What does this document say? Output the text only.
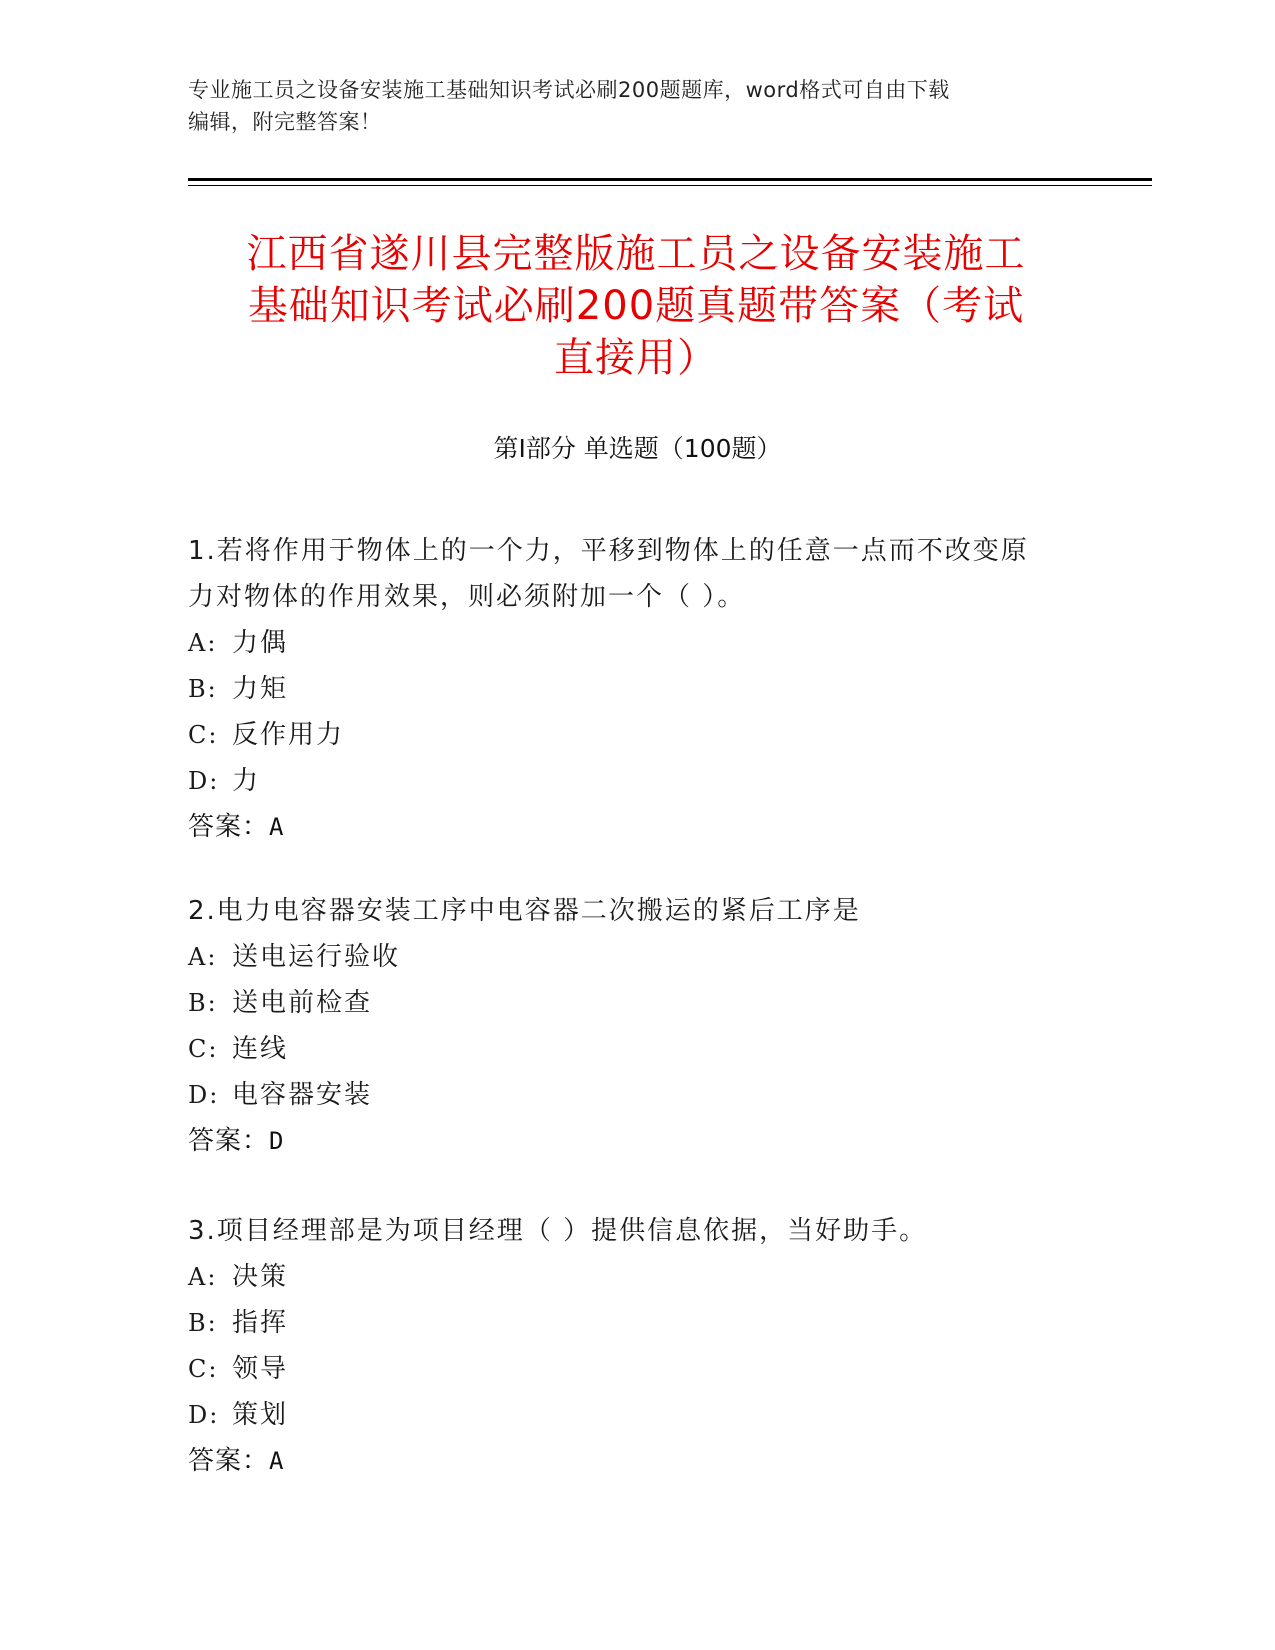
专业施工员之设备安装施工基础知识考试必刷200题题库，word格式可自由下载
编辑，附完整答案！
江西省遂川县完整版施工员之设备安装施工
基础知识考试必刷200题真题带答案（考试
直接用）
第Ⅰ部分 单选题（100题）
1.若将作用于物体上的一个力，平移到物体上的任意一点而不改变原
力对物体的作用效果，则必须附加一个（ ）。
A: 力偶
B: 力矩
C: 反作用力
D: 力
答案：A
2.电力电容器安装工序中电容器二次搬运的紧后工序是
A: 送电运行验收
B: 送电前检查
C: 连线
D: 电容器安装
答案：D
3.项目经理部是为项目经理（ ）提供信息依据，当好助手。
A: 决策
B: 指挥
C: 领导
D: 策划
答案：A
